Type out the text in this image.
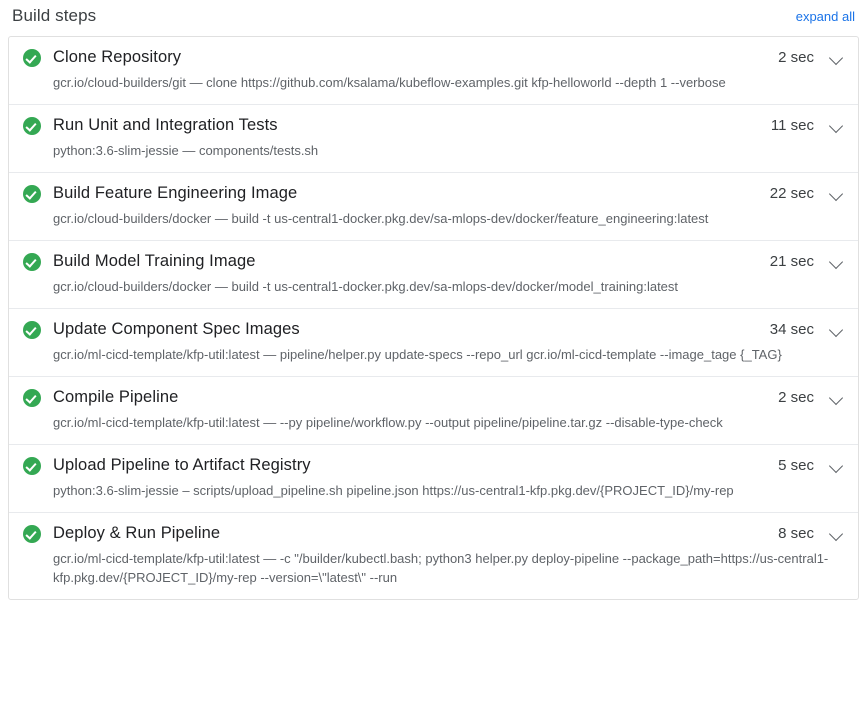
Build steps	expand all
Clone Repository	2 sec
gcr.io/cloud-builders/git — clone https://github.com/ksalama/kubeflow-examples.git kfp-helloworld --depth 1 --verbose
Run Unit and Integration Tests	11 sec
python:3.6-slim-jessie — components/tests.sh
Build Feature Engineering Image	22 sec
gcr.io/cloud-builders/docker — build -t us-central1-docker.pkg.dev/sa-mlops-dev/docker/feature_engineering:latest
Build Model Training Image	21 sec
gcr.io/cloud-builders/docker — build -t us-central1-docker.pkg.dev/sa-mlops-dev/docker/model_training:latest
Update Component Spec Images	34 sec
gcr.io/ml-cicd-template/kfp-util:latest — pipeline/helper.py update-specs --repo_url gcr.io/ml-cicd-template --image_tage {_TAG}
Compile Pipeline	2 sec
gcr.io/ml-cicd-template/kfp-util:latest — --py pipeline/workflow.py --output pipeline/pipeline.tar.gz --disable-type-check
Upload Pipeline to Artifact Registry	5 sec
python:3.6-slim-jessie – scripts/upload_pipeline.sh pipeline.json https://us-central1-kfp.pkg.dev/{PROJECT_ID}/my-rep
Deploy & Run Pipeline	8 sec
gcr.io/ml-cicd-template/kfp-util:latest — -c "/builder/kubectl.bash; python3 helper.py deploy-pipeline --package_path=https://us-central1-kfp.pkg.dev/{PROJECT_ID}/my-rep --version=\"latest\" --run
